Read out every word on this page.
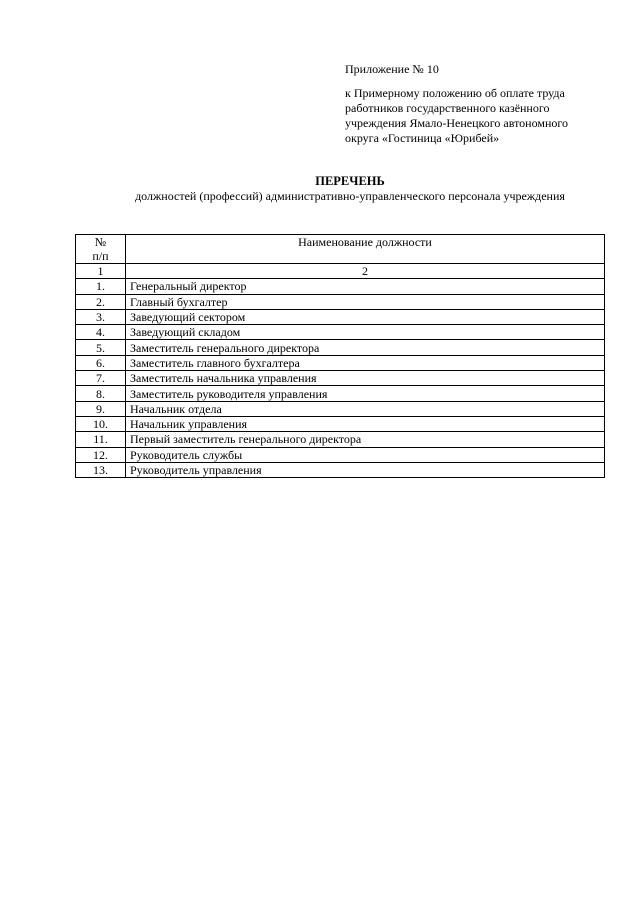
Приложение № 10
к Примерному положению об оплате труда
работников государственного казённого
учреждения Ямало-Ненецкого автономного
округа «Гостиница «Юрибей»
ПЕРЕЧЕНЬ
должностей (профессий) административно-управленческого персонала учреждения
№
п/п	Наименование должности
1	2
1.	Генеральный директор
2.	Главный бухгалтер
3.	Заведующий сектором
4.	Заведующий складом
5.	Заместитель генерального директора
6.	Заместитель главного бухгалтера
7.	Заместитель начальника управления
8.	Заместитель руководителя управления
9.	Начальник отдела
10.	Начальник управления
11.	Первый заместитель генерального директора
12.	Руководитель службы
13.	Руководитель управления
